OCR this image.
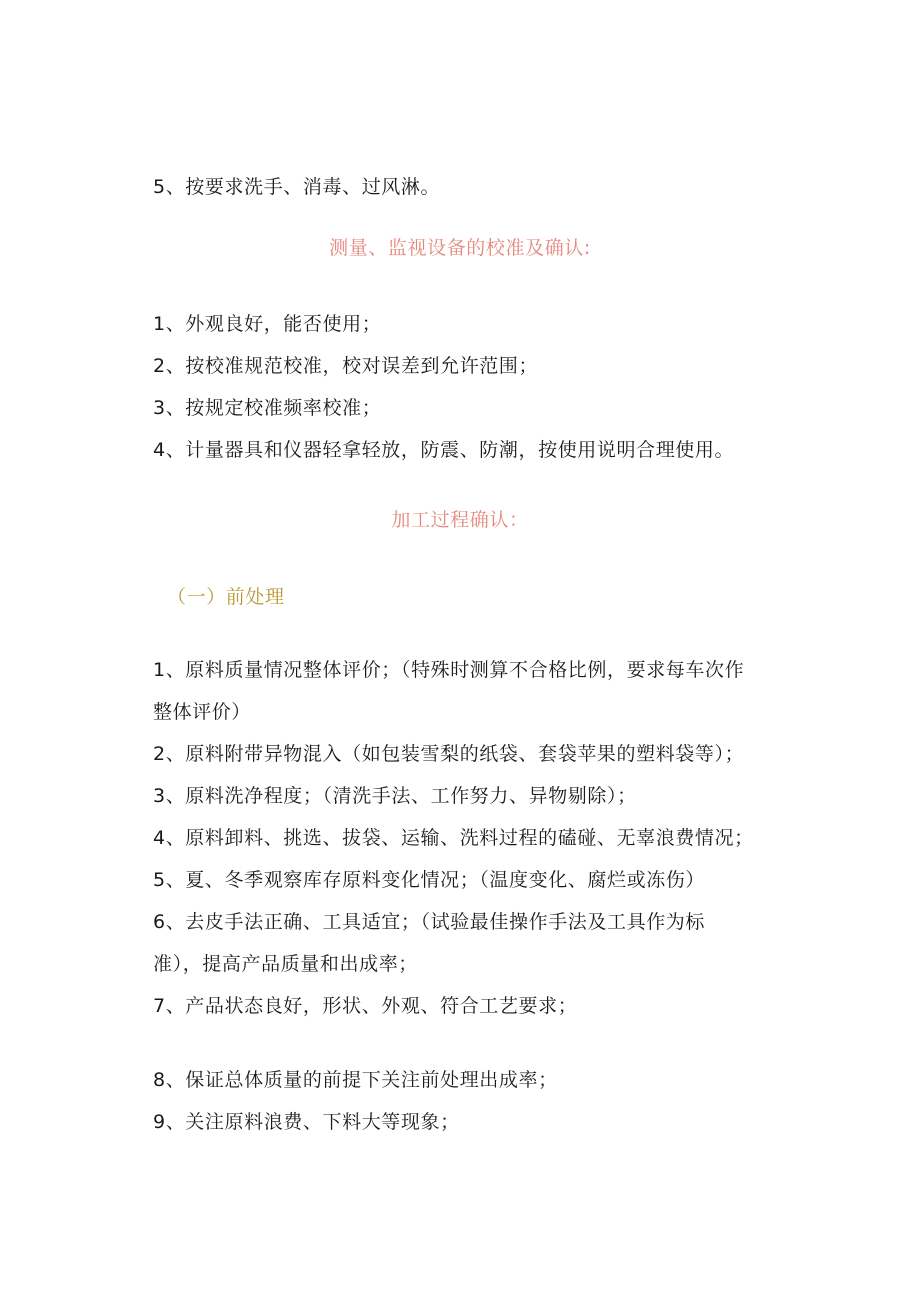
5、按要求洗手、消毒、过风淋。
测量、监视设备的校准及确认:
1、外观良好，能否使用；
2、按校准规范校准，校对误差到允许范围；
3、按规定校准频率校准；
4、计量器具和仪器轻拿轻放，防震、防潮，按使用说明合理使用。
加工过程确认：
（一）前处理
1、原料质量情况整体评价；（特殊时测算不合格比例，要求每车次作
整体评价）
2、原料附带异物混入（如包装雪梨的纸袋、套袋苹果的塑料袋等）；
3、原料洗净程度；（清洗手法、工作努力、异物剔除）；
4、原料卸料、挑选、拔袋、运输、洗料过程的磕碰、无辜浪费情况；
5、夏、冬季观察库存原料变化情况；（温度变化、腐烂或冻伤）
6、去皮手法正确、工具适宜；（试验最佳操作手法及工具作为标
准），提高产品质量和出成率；
7、产品状态良好，形状、外观、符合工艺要求；
8、保证总体质量的前提下关注前处理出成率；
9、关注原料浪费、下料大等现象；
